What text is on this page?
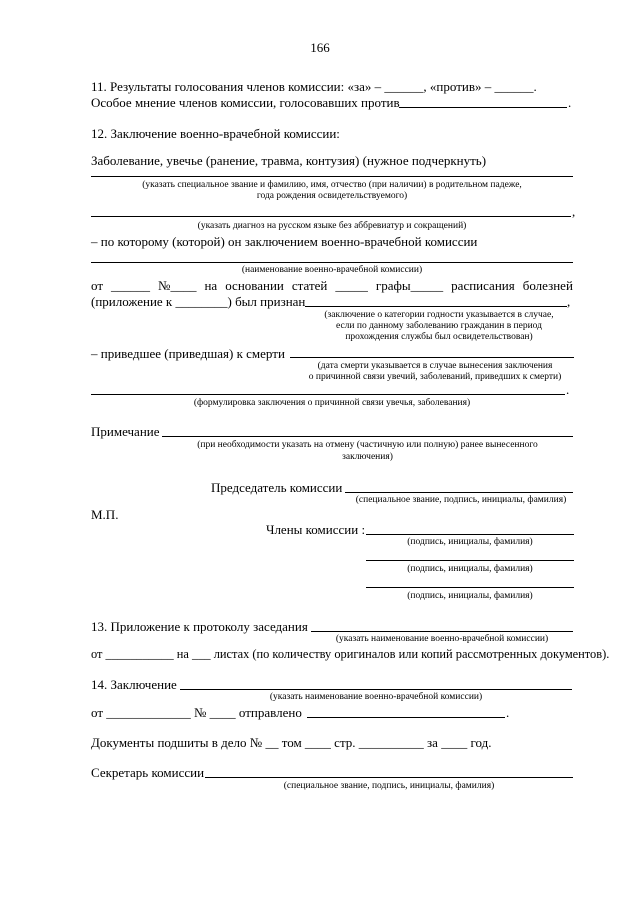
166
11. Результаты голосования членов комиссии: «за» – ______, «против» – ______.
Особое мнение членов комиссии, голосовавших против	.
12. Заключение военно-врачебной комиссии:
Заболевание, увечье (ранение, травма, контузия) (нужное подчеркнуть)
(указать специальное звание и фамилию, имя, отчество (при наличии) в родительном падеже,
года рождения освидетельствуемого)
,
(указать диагноз на русском языке без аббревиатур и сокращений)
– по которому (которой) он заключением военно-врачебной комиссии
(наименование военно-врачебной комиссии)
от ______ №____ на основании статей _____ графы_____ расписания болезней
(приложение к ________) был признан	,
(заключение о категории годности указывается в случае,
если по данному заболеванию гражданин в период
прохождения службы был освидетельствован)
– приведшее (приведшая) к смерти
(дата смерти указывается в случае вынесения заключения
о причинной связи увечий, заболеваний, приведших к смерти)
.
(формулировка заключения о причинной связи увечья, заболевания)
Примечание
(при необходимости указать на отмену (частичную или полную) ранее вынесенного
заключения)
Председатель комиссии
(специальное звание, подпись, инициалы, фамилия)
М.П.
Члены комиссии :
(подпись, инициалы, фамилия)
(подпись, инициалы, фамилия)
(подпись, инициалы, фамилия)
13. Приложение к протоколу заседания
(указать наименование военно-врачебной комиссии)
от ___________ на ___ листах (по количеству оригиналов или копий рассмотренных документов).
14. Заключение
(указать наименование военно-врачебной комиссии)
от _____________ № ____ отправлено	.
Документы подшиты в дело № __ том ____ стр. __________ за ____ год.
Секретарь комиссии
(специальное звание, подпись, инициалы, фамилия)
